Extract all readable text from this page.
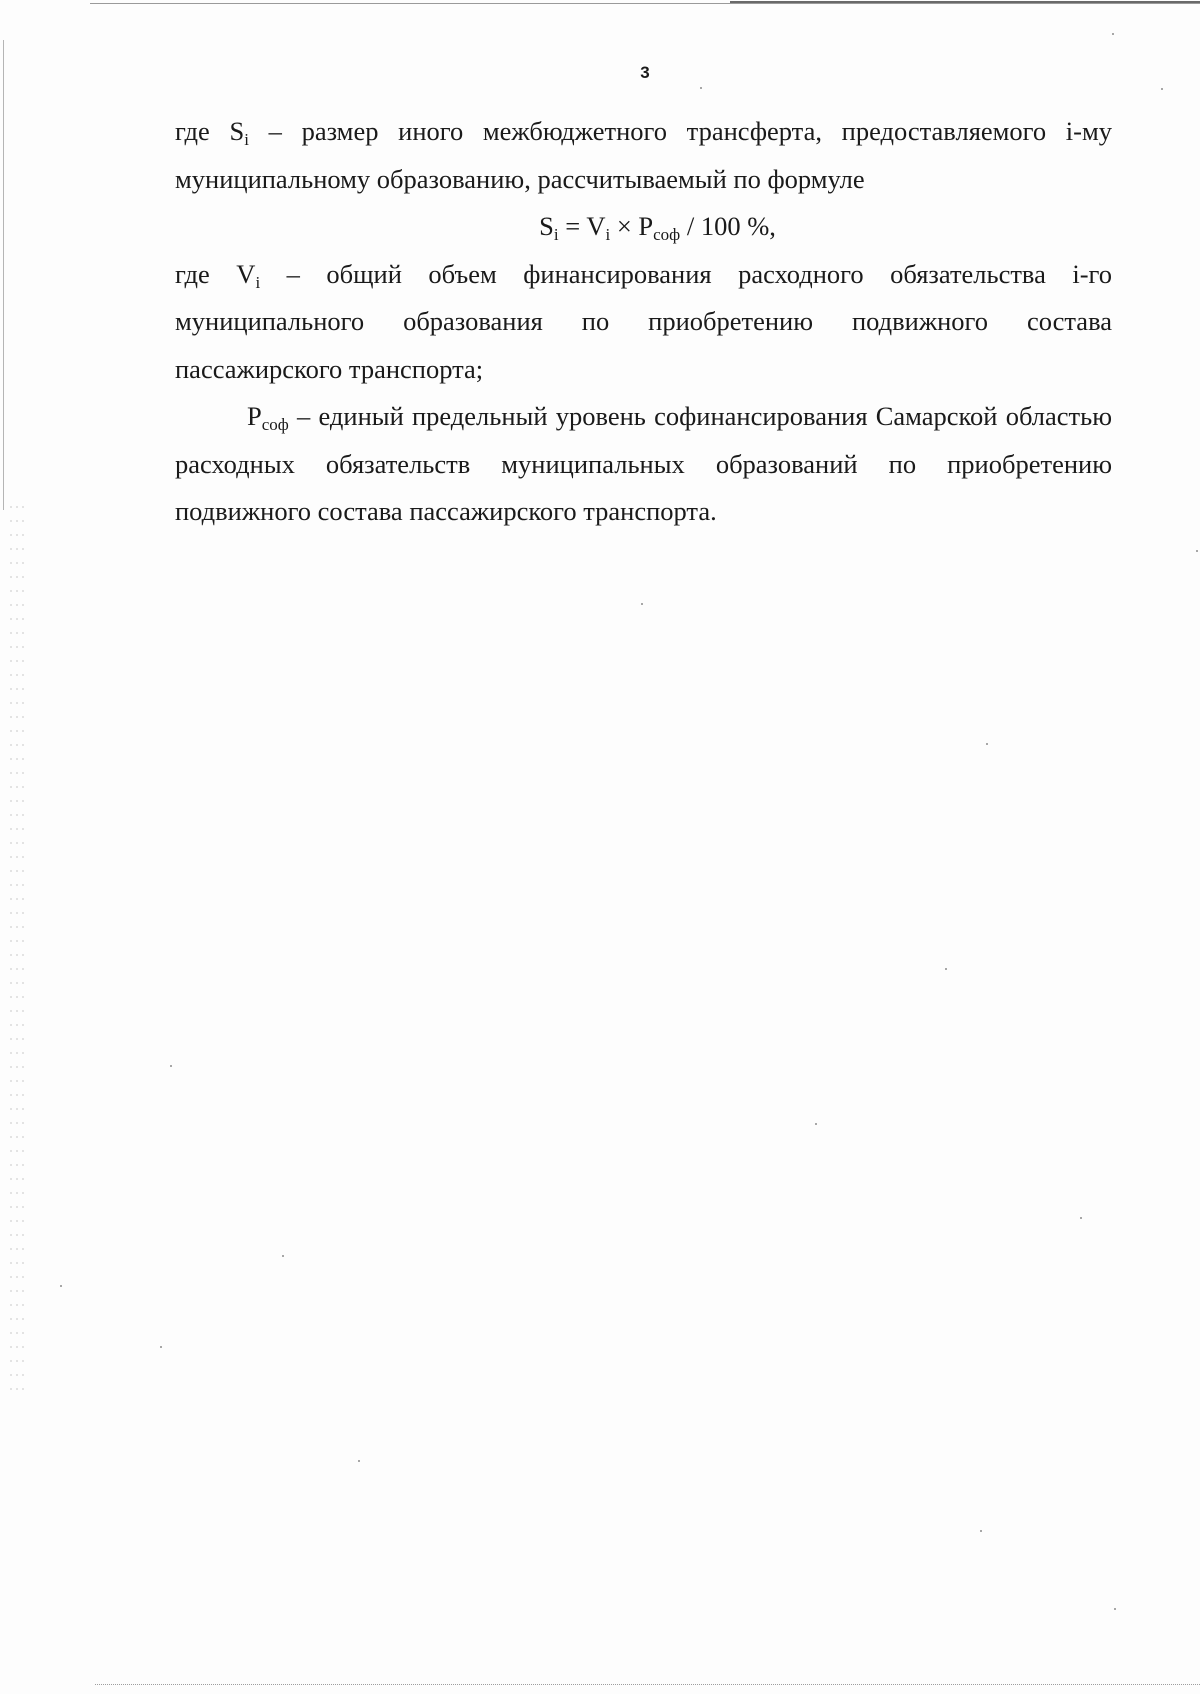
3

где $S_i$ – размер иного межбюджетного трансферта, предоставляемого i-му муниципальному образованию, рассчитываемый по формуле

$S_i = V_i \times P_{соф} / 100$ %,

где $V_i$ – общий объем финансирования расходного обязательства i-го муниципального образования по приобретению подвижного состава пассажирского транспорта;

$P_{соф}$ – единый предельный уровень софинансирования Самарской областью расходных обязательств муниципальных образований по приобретению подвижного состава пассажирского транспорта.
